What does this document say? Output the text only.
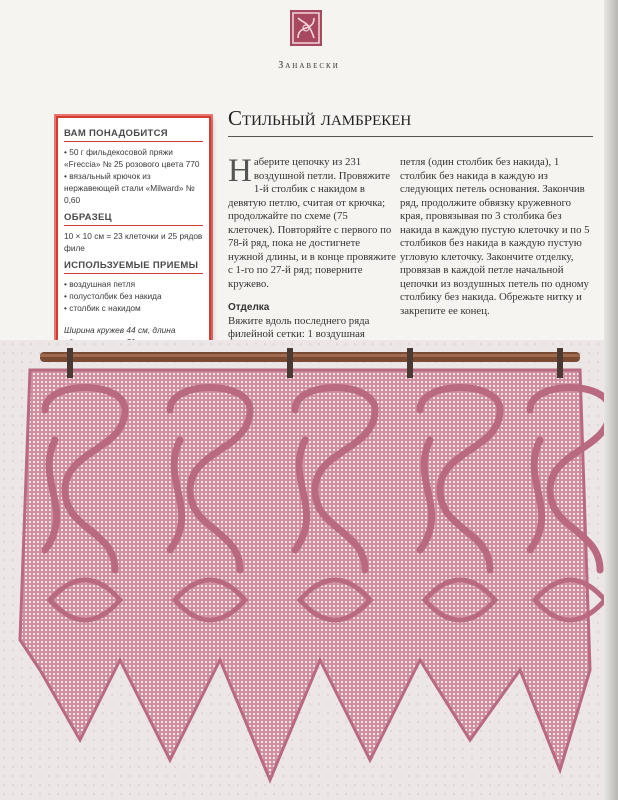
Занавески
Стильный ламбрекен
ВАМ ПОНАДОБИТСЯ

• 50 г фильдекосовой пряжи «Freccia» № 25 розового цвета 770

• вязальный крючок из нержавеющей стали «Milward» № 0,60

ОБРАЗЕЦ

10 × 10 см = 23 клеточки и 25 рядов филе

ИСПОЛЬЗУЕМЫЕ ПРИЕМЫ

• воздушная петля

• полустолбик без накида

• столбик с накидом

Ширина кружев 44 см, длина

Наберите цепочку из 231 воздушной петли. Провяжите 1-й столбик с накидом в девятую петлю, считая от крючка; продолжайте по схеме (75 клеточек). Повторяйте с первого по 78-й ряд, пока не достигнете нужной длины, и в конце провяжите с 1-го по 27-й ряд; поверните кружево.

Отделка

Вяжите вдоль последнего ряда филейной сетки: 1 воздушная

петля (один столбик без накида), 1 столбик без накида в каждую из следующих петель основания. Закончив ряд, продолжите обвязку кружевного края, провязывая по 3 столбика без накида в каждую пустую клеточку и по 5 столбиков без накида в каждую пустую угловую клеточку. Закончите отделку, провязав в каждой петле начальной цепочки из воздушных петель по одному столбику без накида. Обрежьте нитку и закрепите ее конец.
